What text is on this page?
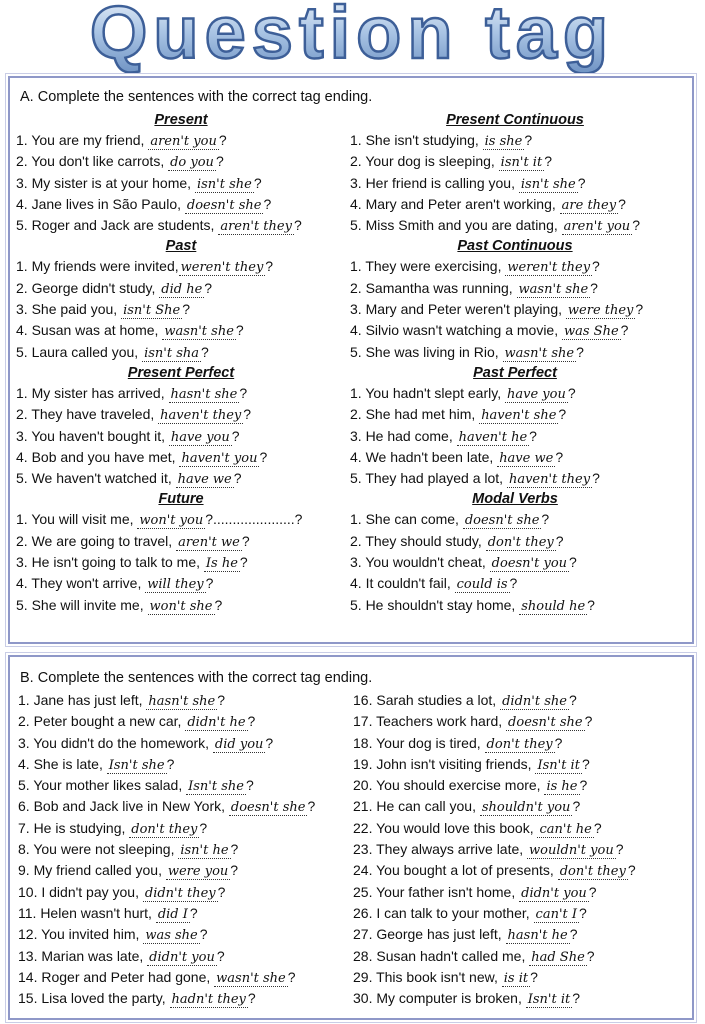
Question tag
A. Complete the sentences with the correct tag ending.
Present
1. You are my friend, aren't you ?
2. You don't like carrots, do you ?
3. My sister is at your home, isn't she ?
4. Jane lives in São Paulo, doesn't she ?
5. Roger and Jack are students, aren't they ?
Past
1. My friends were invited, weren't they ?
2. George didn't study, did he ?
3. She paid you, isn't She ?
4. Susan was at home, wasn't she ?
5. Laura called you, isn't sha ?
Present Perfect
1. My sister has arrived, hasn't she ?
2. They have traveled, haven't they ?
3. You haven't bought it, have you ?
4. Bob and you have met, haven't you ?
5. We haven't watched it, have we ?
Future
1. You will visit me, won't you ?.....................?
2. We are going to travel, aren't we ?
3. He isn't going to talk to me, Is he ?
4. They won't arrive, will they ?
5. She will invite me, won't she ?
Present Continuous
1. She isn't studying, is she ?
2. Your dog is sleeping, isn't it ?
3. Her friend is calling you, isn't she ?
4. Mary and Peter aren't working, are they ?
5. Miss Smith and you are dating, aren't you ?
Past Continuous
1. They were exercising, weren't they ?
2. Samantha was running, wasn't she ?
3. Mary and Peter weren't playing, were they ?
4. Silvio wasn't watching a movie, was She ?
5. She was living in Rio, wasn't she ?
Past Perfect
1. You hadn't slept early, have you ?
2. She had met him, haven't she ?
3. He had come, haven't he ?
4. We hadn't been late, have we ?
5. They had played a lot, haven't they ?
Modal Verbs
1. She can come, doesn't she ?
2. They should study, don't they ?
3. You wouldn't cheat, doesn't you ?
4. It couldn't fail, could is ?
5. He shouldn't stay home, should he ?
B. Complete the sentences with the correct tag ending.
1. Jane has just left, hasn't she ?
2. Peter bought a new car, didn't he ?
3. You didn't do the homework, did you ?
4. She is late, Isn't she ?
5. Your mother likes salad, Isn't she ?
6. Bob and Jack live in New York, doesn't she ?
7. He is studying, don't they ?
8. You were not sleeping, isn't he ?
9. My friend called you, were you ?
10. I didn't pay you, didn't they ?
11. Helen wasn't hurt, did I ?
12. You invited him, was she ?
13. Marian was late, didn't you ?
14. Roger and Peter had gone, wasn't she ?
15. Lisa loved the party, hadn't they ?
16. Sarah studies a lot, didn't she ?
17. Teachers work hard, doesn't she ?
18. Your dog is tired, don't they ?
19. John isn't visiting friends, Isn't it ?
20. You should exercise more, is he ?
21. He can call you, shouldn't you ?
22. You would love this book, can't he ?
23. They always arrive late, wouldn't you ?
24. You bought a lot of presents, don't they ?
25. Your father isn't home, didn't you ?
26. I can talk to your mother, can't I ?
27. George has just left, hasn't he ?
28. Susan hadn't called me, had She ?
29. This book isn't new, is it ?
30. My computer is broken, Isn't it ?
